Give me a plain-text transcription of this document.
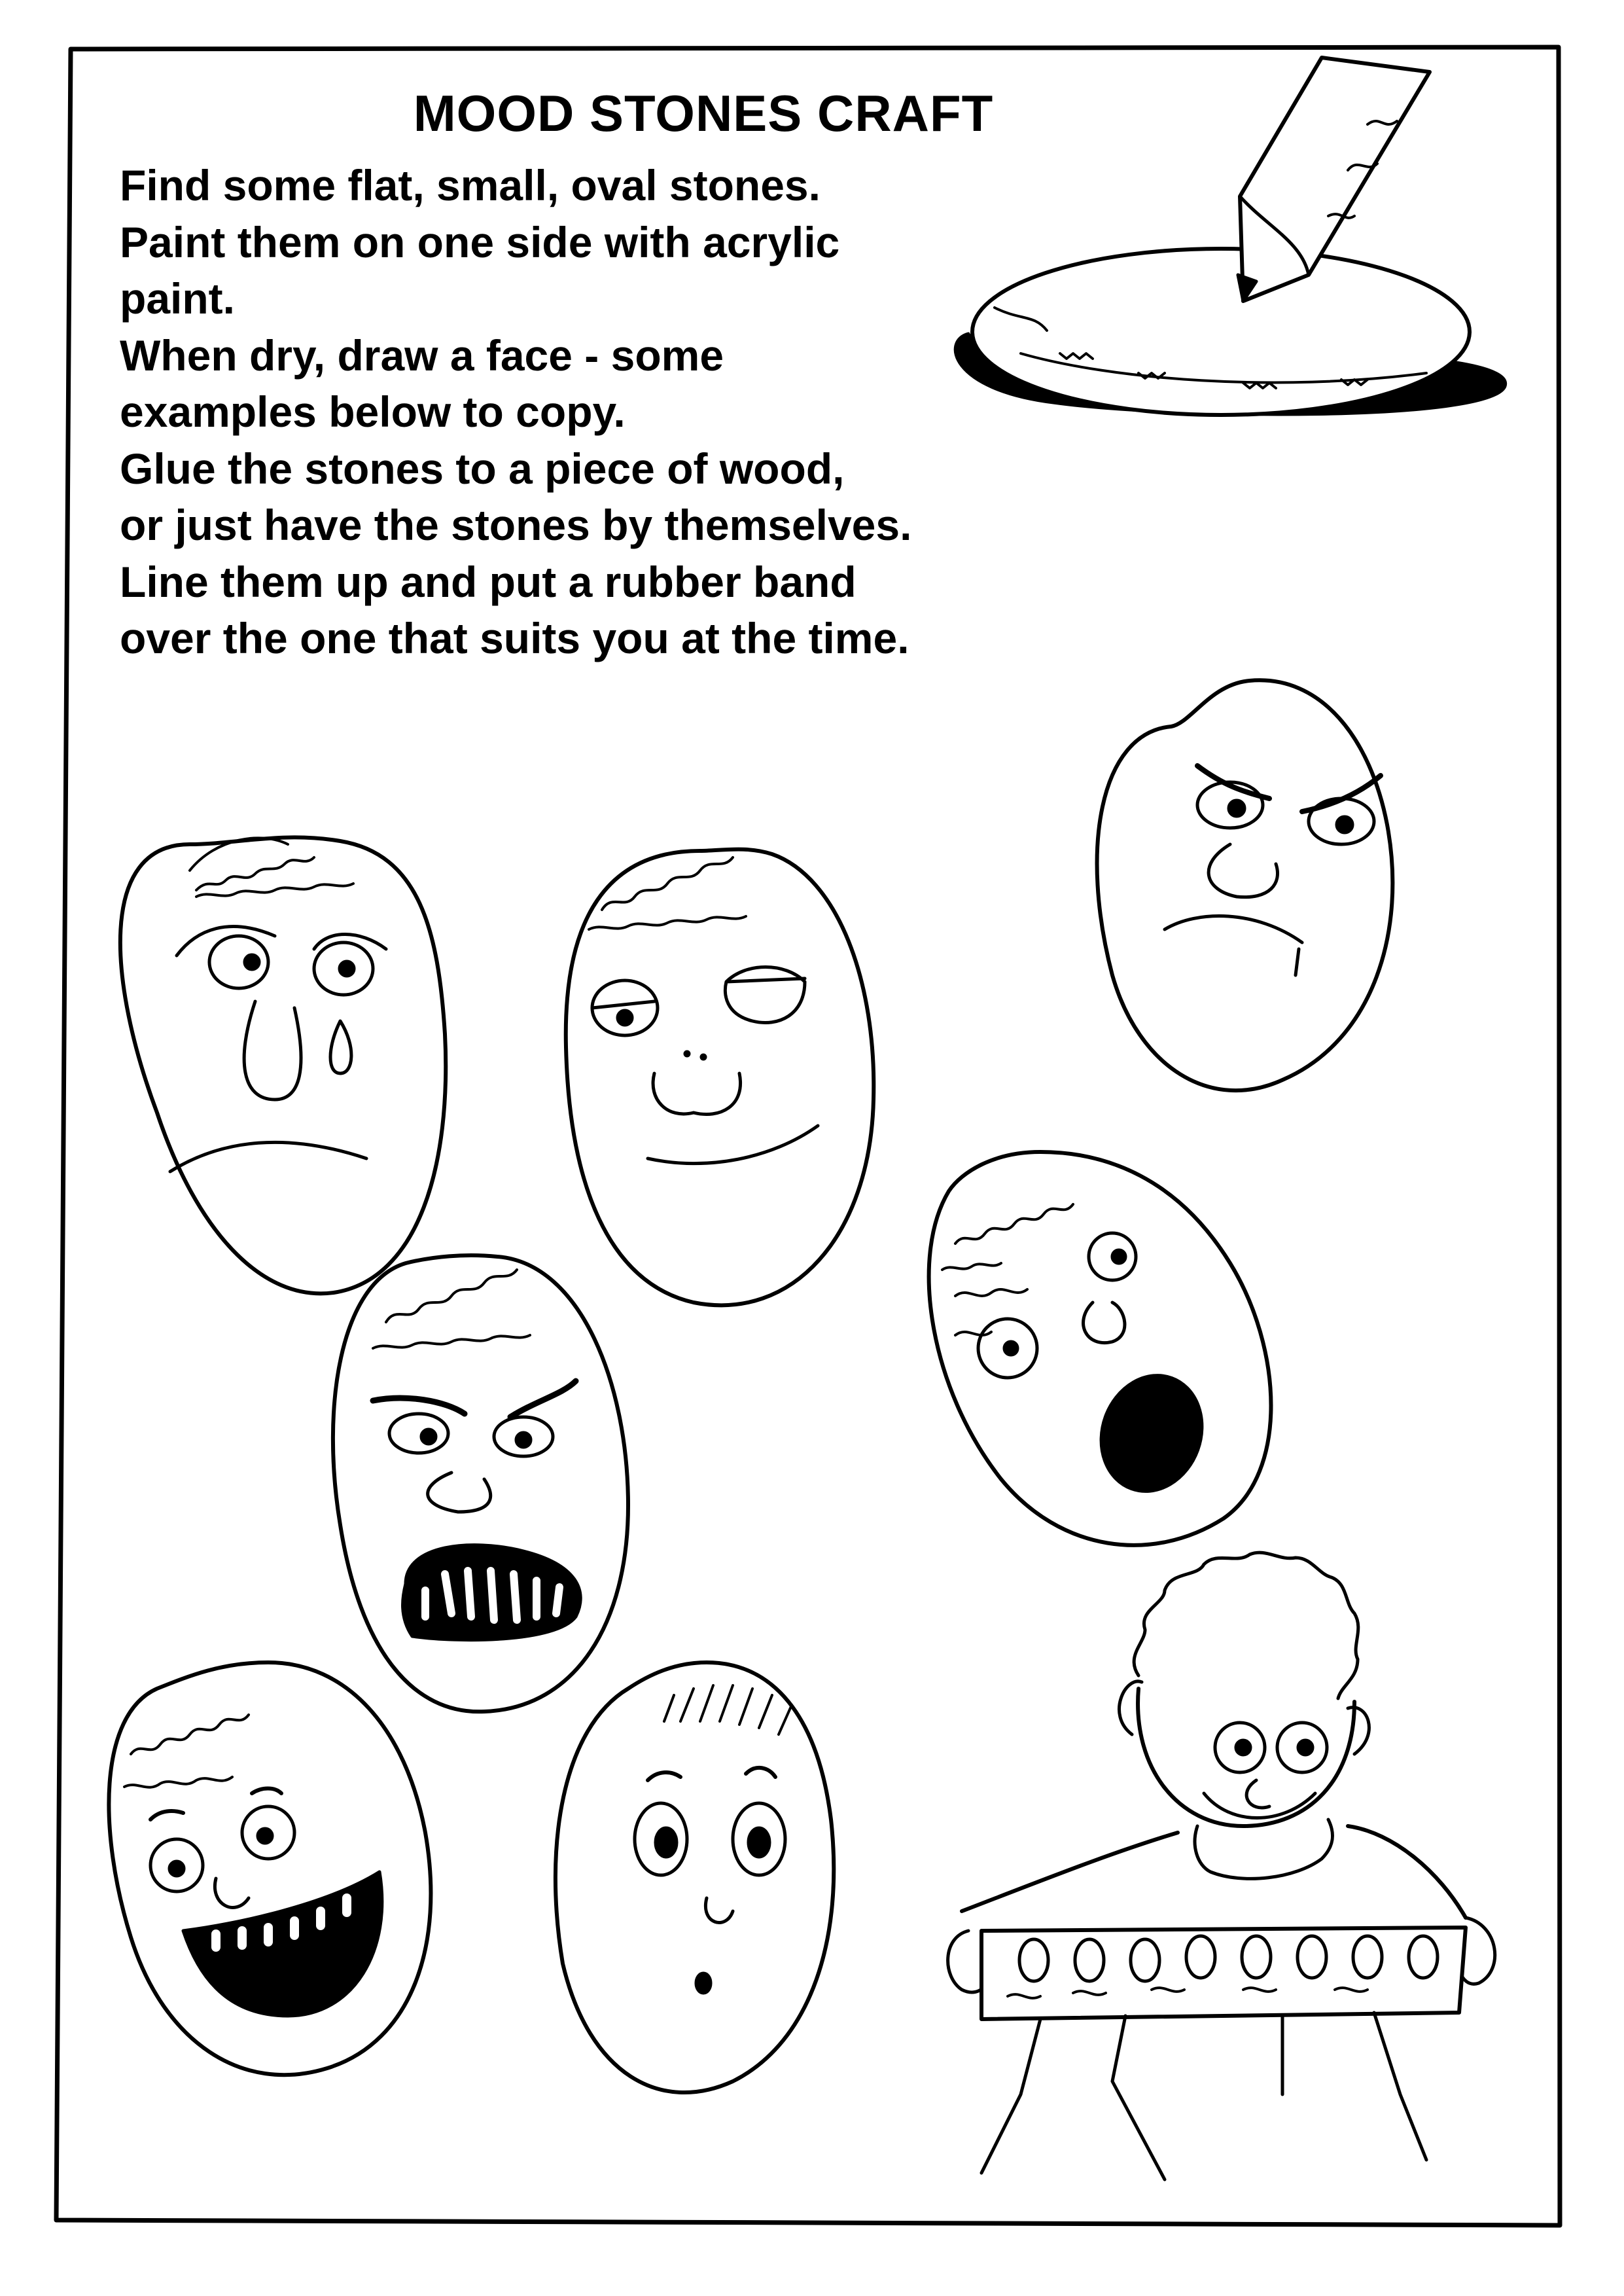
MOOD STONES CRAFT
Find some flat, small, oval stones.
Paint them on one side with acrylic
paint.
When dry, draw a face - some
examples below to copy.
Glue the stones to a piece of wood,
or just have the stones by themselves.
Line them up and put a rubber band
over the one that suits you at the time.
